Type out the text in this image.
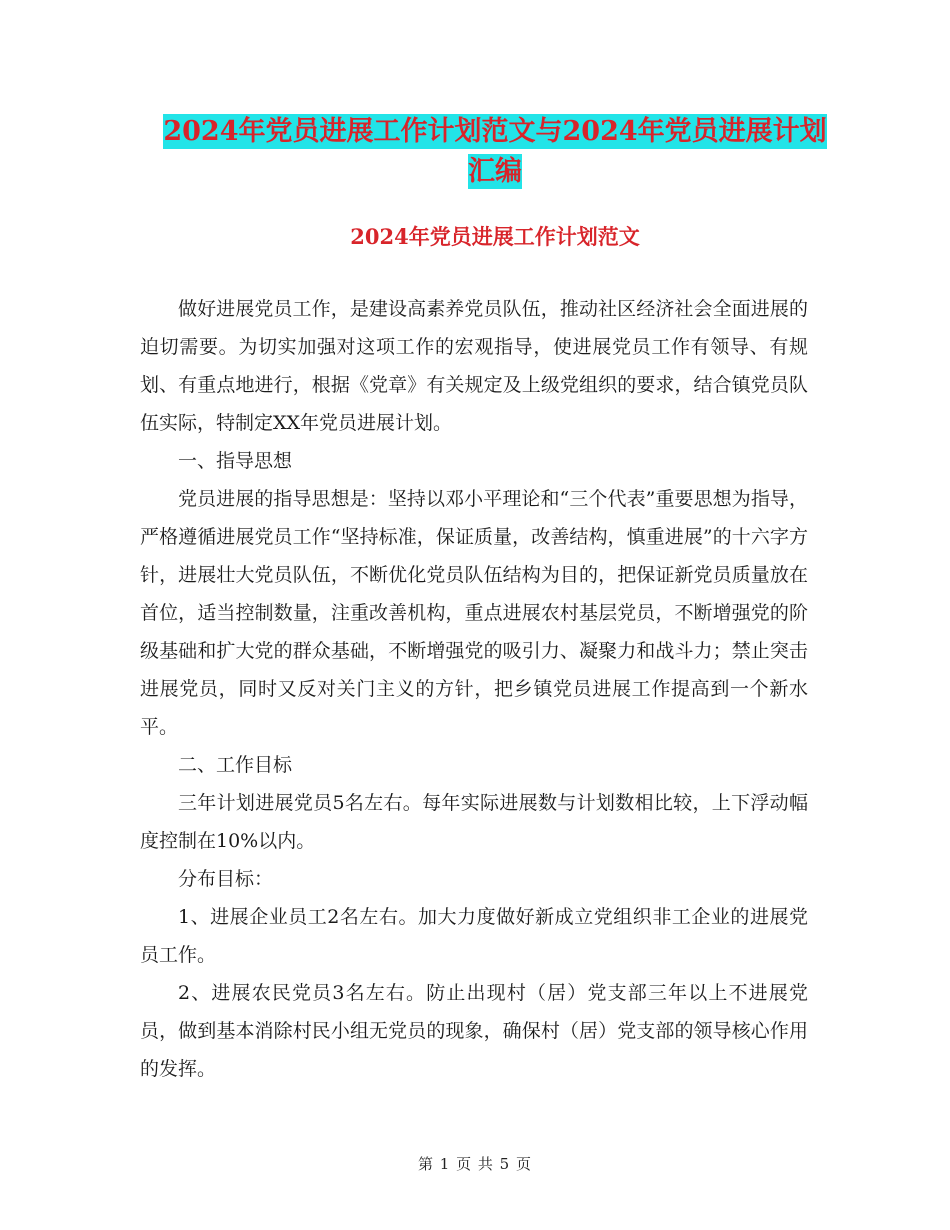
2024年党员进展工作计划范文与2024年党员进展计划
汇编
2024年党员进展工作计划范文

做好进展党员工作，是建设高素养党员队伍，推动社区经济社会全面进展的迫切需要。为切实加强对这项工作的宏观指导，使进展党员工作有领导、有规划、有重点地进行，根据《党章》有关规定及上级党组织的要求，结合镇党员队伍实际，特制定XX年党员进展计划。

一、指导思想

党员进展的指导思想是：坚持以邓小平理论和“三个代表”重要思想为指导，严格遵循进展党员工作“坚持标准，保证质量，改善结构，慎重进展”的十六字方针，进展壮大党员队伍，不断优化党员队伍结构为目的，把保证新党员质量放在首位，适当控制数量，注重改善机构，重点进展农村基层党员，不断增强党的阶级基础和扩大党的群众基础，不断增强党的吸引力、凝聚力和战斗力；禁止突击进展党员，同时又反对关门主义的方针，把乡镇党员进展工作提高到一个新水平。

二、工作目标

三年计划进展党员5名左右。每年实际进展数与计划数相比较，上下浮动幅度控制在10%以内。

分布目标：

1、进展企业员工2名左右。加大力度做好新成立党组织非工企业的进展党员工作。

2、进展农民党员3名左右。防止出现村（居）党支部三年以上不进展党员，做到基本消除村民小组无党员的现象，确保村（居）党支部的领导核心作用的发挥。

第 1 页 共 5 页
